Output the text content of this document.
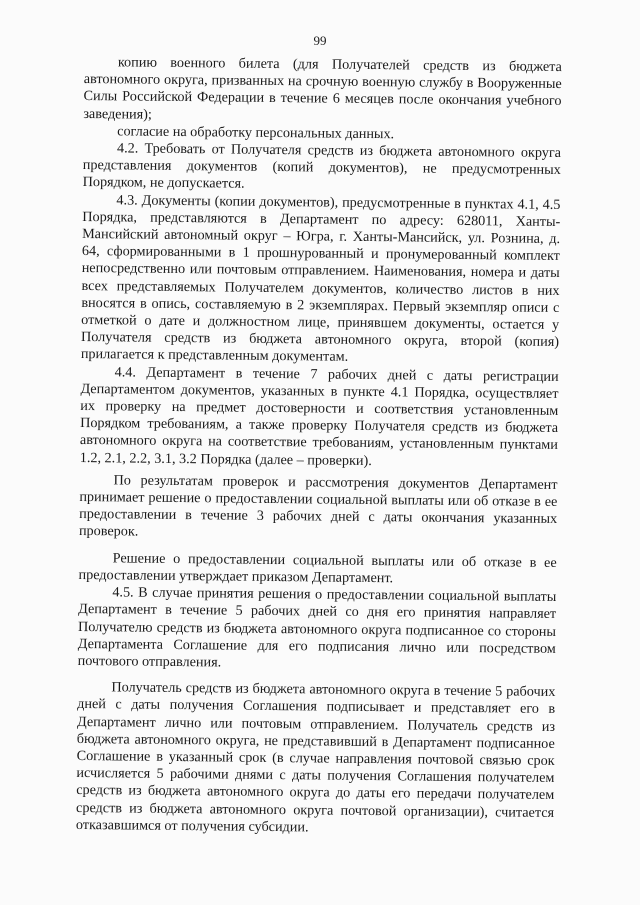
99

копию военного билета (для Получателей средств из бюджета автономного округа, призванных на срочную военную службу в Вооруженные Силы Российской Федерации в течение 6 месяцев после окончания учебного заведения);

согласие на обработку персональных данных.

4.2. Требовать от Получателя средств из бюджета автономного округа представления документов (копий документов), не предусмотренных Порядком, не допускается.

4.3. Документы (копии документов), предусмотренные в пунктах 4.1, 4.5 Порядка, представляются в Департамент по адресу: 628011, Ханты-Мансийский автономный округ – Югра, г. Ханты-Мансийск, ул. Рознина, д. 64, сформированными в 1 прошнурованный и пронумерованный комплект непосредственно или почтовым отправлением. Наименования, номера и даты всех представляемых Получателем документов, количество листов в них вносятся в опись, составляемую в 2 экземплярах. Первый экземпляр описи с отметкой о дате и должностном лице, принявшем документы, остается у Получателя средств из бюджета автономного округа, второй (копия) прилагается к представленным документам.

4.4. Департамент в течение 7 рабочих дней с даты регистрации Департаментом документов, указанных в пункте 4.1 Порядка, осуществляет их проверку на предмет достоверности и соответствия установленным Порядком требованиям, а также проверку Получателя средств из бюджета автономного округа на соответствие требованиям, установленным пунктами 1.2, 2.1, 2.2, 3.1, 3.2 Порядка (далее – проверки).

По результатам проверок и рассмотрения документов Департамент принимает решение о предоставлении социальной выплаты или об отказе в ее предоставлении в течение 3 рабочих дней с даты окончания указанных проверок.

Решение о предоставлении социальной выплаты или об отказе в ее предоставлении утверждает приказом Департамент.

4.5. В случае принятия решения о предоставлении социальной выплаты Департамент в течение 5 рабочих дней со дня его принятия направляет Получателю средств из бюджета автономного округа подписанное со стороны Департамента Соглашение для его подписания лично или посредством почтового отправления.

Получатель средств из бюджета автономного округа в течение 5 рабочих дней с даты получения Соглашения подписывает и представляет его в Департамент лично или почтовым отправлением. Получатель средств из бюджета автономного округа, не представивший в Департамент подписанное Соглашение в указанный срок (в случае направления почтовой связью срок исчисляется 5 рабочими днями с даты получения Соглашения получателем средств из бюджета автономного округа до даты его передачи получателем средств из бюджета автономного округа почтовой организации), считается отказавшимся от получения субсидии.
